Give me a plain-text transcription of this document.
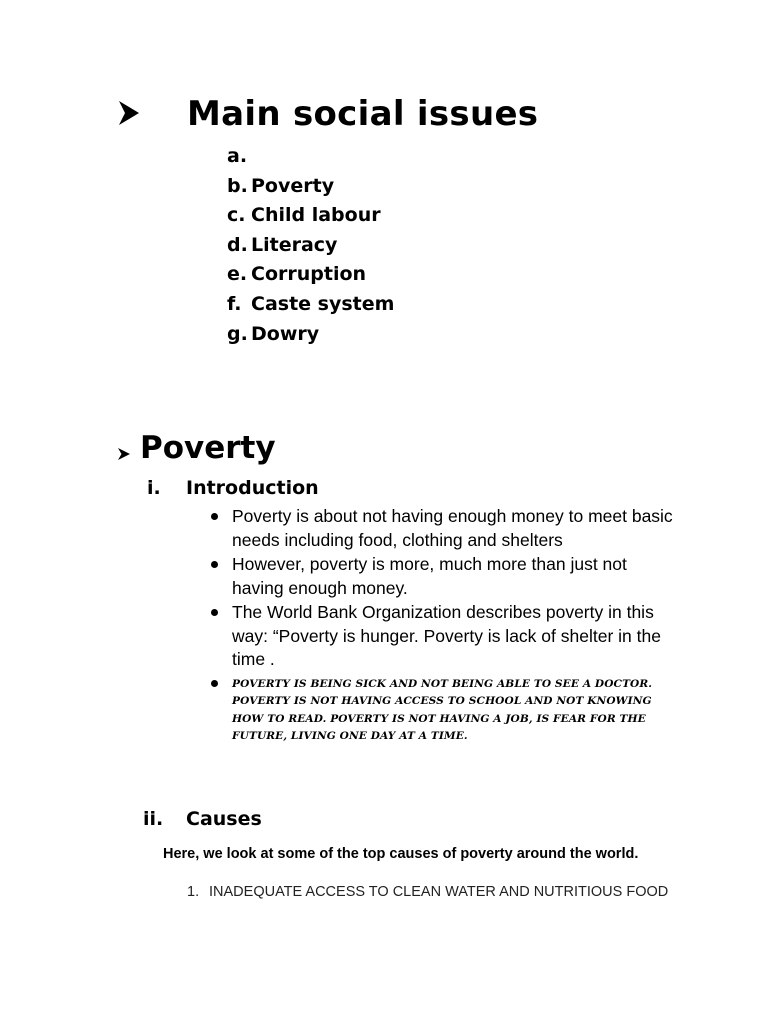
Main social issues
a.
b. Poverty
c. Child labour
d. Literacy
e. Corruption
f. Caste system
g. Dowry
Poverty
i. Introduction
Poverty is about not having enough money to meet basic needs including food, clothing and shelters
However, poverty is more, much more than just not having enough money.
The World Bank Organization describes poverty in this way: “Poverty is hunger. Poverty is lack of shelter in the time .
POVERTY IS BEING SICK AND NOT BEING ABLE TO SEE A DOCTOR. POVERTY IS NOT HAVING ACCESS TO SCHOOL AND NOT KNOWING HOW TO READ. POVERTY IS NOT HAVING A JOB, IS FEAR FOR THE FUTURE, LIVING ONE DAY AT A TIME.
ii. Causes
Here, we look at some of the top causes of poverty around the world.
1. INADEQUATE ACCESS TO CLEAN WATER AND NUTRITIOUS FOOD
